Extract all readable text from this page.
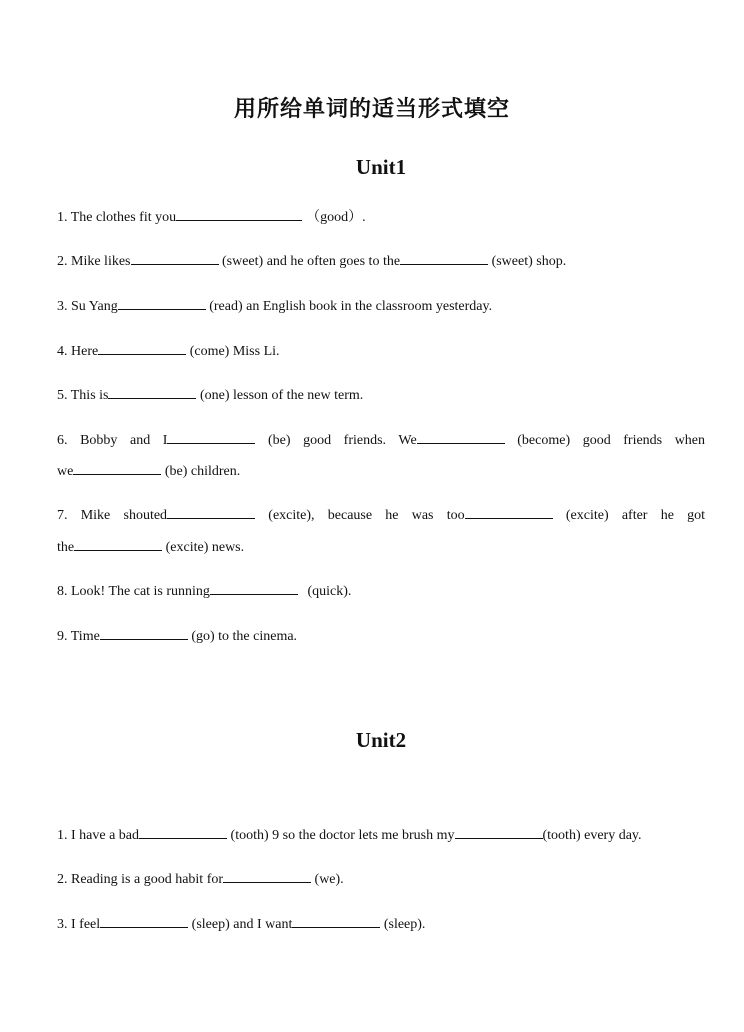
用所给单词的适当形式填空
Unit1
1. The clothes fit you	（good）.
2. Mike likes	(sweet) and he often goes to the	(sweet) shop.
3. Su Yang	(read) an English book in the classroom yesterday.
4. Here	(come) Miss Li.
5. This is	(one) lesson of the new term.
6. Bobby and I	(be) good friends. We	(become) good friends when
we	(be) children.
7. Mike shouted	(excite), because he was too	(excite) after he got
the	(excite) news.
8. Look! The cat is running	(quick).
9. Time	(go) to the cinema.
Unit2
1. I have a bad	(tooth) 9 so the doctor lets me brush my	(tooth) every day.
2. Reading is a good habit for	(we).
3. I feel	(sleep) and I want	(sleep).
